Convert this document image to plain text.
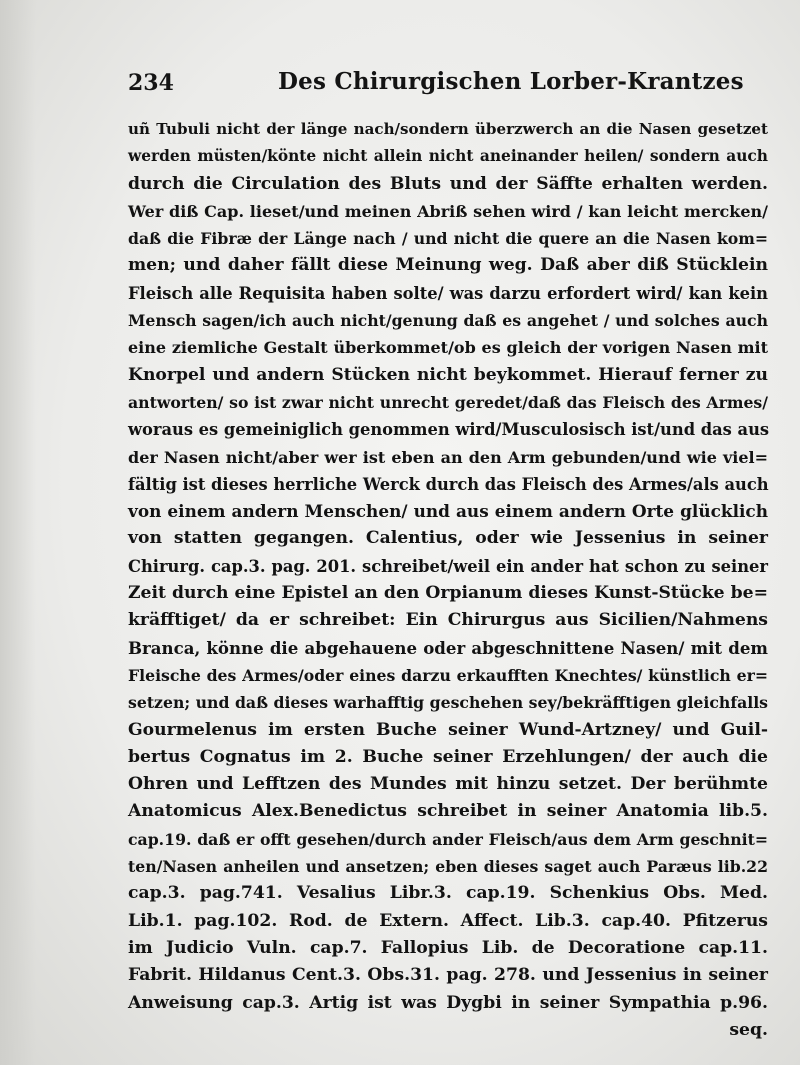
234	Des Chirurgischen Lorber-Krantzes
uñ Tubuli nicht der länge nach/sondern überzwerch an die Nasen gesetzet
werden müsten/könte nicht allein nicht aneinander heilen/ sondern auch
durch die Circulation des Bluts und der Säffte erhalten werden.
Wer diß Cap. lieset/und meinen Abriß sehen wird / kan leicht mercken/
daß die Fibræ der Länge nach / und nicht die quere an die Nasen kom=
men; und daher fällt diese Meinung weg. Daß aber diß Stücklein
Fleisch alle Requisita haben solte/ was darzu erfordert wird/ kan kein
Mensch sagen/ich auch nicht/genung daß es angehet / und solches auch
eine ziemliche Gestalt überkommet/ob es gleich der vorigen Nasen mit
Knorpel und andern Stücken nicht beykommet. Hierauf ferner zu
antworten/ so ist zwar nicht unrecht geredet/daß das Fleisch des Armes/
woraus es gemeiniglich genommen wird/Musculosisch ist/und das aus
der Nasen nicht/aber wer ist eben an den Arm gebunden/und wie viel=
fältig ist dieses herrliche Werck durch das Fleisch des Armes/als auch
von einem andern Menschen/ und aus einem andern Orte glücklich
von statten gegangen. Calentius, oder wie Jessenius in seiner
Chirurg. cap.3. pag. 201. schreibet/weil ein ander hat schon zu seiner
Zeit durch eine Epistel an den Orpianum dieses Kunst-Stücke be=
kräfftiget/ da er schreibet: Ein Chirurgus aus Sicilien/Nahmens
Branca, könne die abgehauene oder abgeschnittene Nasen/ mit dem
Fleische des Armes/oder eines darzu erkaufften Knechtes/ künstlich er=
setzen; und daß dieses warhafftig geschehen sey/bekräfftigen gleichfalls
Gourmelenus im ersten Buche seiner Wund-Artzney/ und Guil-
bertus Cognatus im 2. Buche seiner Erzehlungen/ der auch die
Ohren und Lefftzen des Mundes mit hinzu setzet. Der berühmte
Anatomicus Alex.Benedictus schreibet in seiner Anatomia lib.5.
cap.19. daß er offt gesehen/durch ander Fleisch/aus dem Arm geschnit=
ten/Nasen anheilen und ansetzen; eben dieses saget auch Paræus lib.22
cap.3. pag.741. Vesalius Libr.3. cap.19. Schenkius Obs. Med.
Lib.1. pag.102. Rod. de Extern. Affect. Lib.3. cap.40. Pfitzerus
im Judicio Vuln. cap.7. Fallopius Lib. de Decoratione cap.11.
Fabrit. Hildanus Cent.3. Obs.31. pag. 278. und Jessenius in seiner
Anweisung cap.3. Artig ist was Dygbi in seiner Sympathia p.96.
seq.
